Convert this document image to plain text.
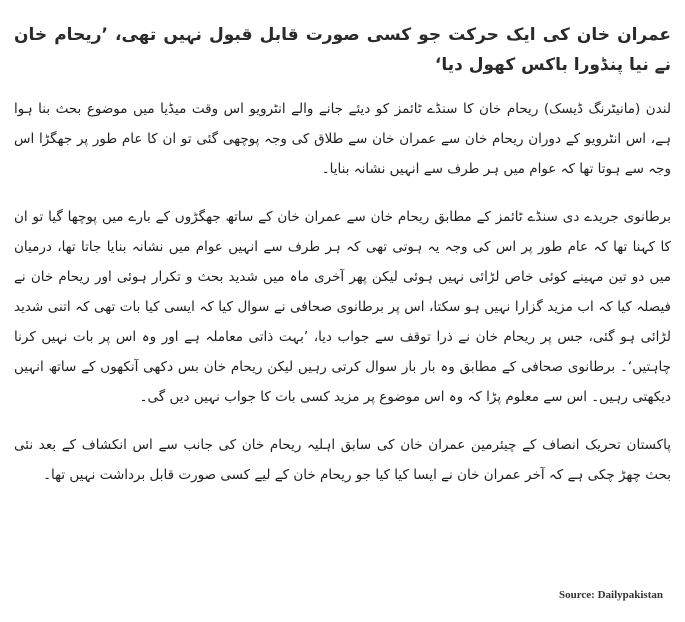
عمران خان کی ایک حرکت جو کسی صورت قابل قبول نہیں تھی، ’ریحام خان نے نیا پنڈورا باکس کھول دیا‘

لندن (مانیٹرنگ ڈیسک) ریحام خان کا سنڈے ٹائمز کو دیئے جانے والے انٹرویو اس وقت میڈیا میں موضوع بحث بنا ہوا ہے، اس انٹرویو کے دوران ریحام خان سے عمران خان سے طلاق کی وجہ پوچھی گئی تو ان کا عام طور پر جھگڑا اس وجہ سے ہوتا تھا کہ عوام میں ہر طرف سے انہیں نشانہ بنایا۔

برطانوی جریدے دی سنڈے ٹائمز کے مطابق ریحام خان سے عمران خان کے ساتھ جھگڑوں کے بارے میں پوچھا گیا تو ان کا کہنا تھا کہ عام طور پر اس کی وجہ یہ ہوتی تھی کہ ہر طرف سے انہیں عوام میں نشانہ بنایا جاتا تھا، درمیان میں دو تین مہینے کوئی خاص لڑائی نہیں ہوئی لیکن پھر آخری ماہ میں شدید بحث و تکرار ہوئی اور ریحام خان نے فیصلہ کیا کہ اب مزید گزارا نہیں ہو سکتا، اس پر برطانوی صحافی نے سوال کیا کہ ایسی کیا بات تھی کہ اتنی شدید لڑائی ہو گئی، جس پر ریحام خان نے ذرا توقف سے جواب دیا، ’بہت ذاتی معاملہ ہے اور وہ اس پر بات نہیں کرنا چاہتیں‘۔ برطانوی صحافی کے مطابق وہ بار بار سوال کرتی رہیں لیکن ریحام خان بس دکھی آنکھوں کے ساتھ انہیں دیکھتی رہیں۔ اس سے معلوم پڑا کہ وہ اس موضوع پر مزید کسی بات کا جواب نہیں دیں گی۔

پاکستان تحریک انصاف کے چیئرمین عمران خان کی سابق اہلیہ ریحام خان کی جانب سے اس انکشاف کے بعد نئی بحث چھڑ چکی ہے کہ آخر عمران خان نے ایسا کیا کیا جو ریحام خان کے لیے کسی صورت قابل برداشت نہیں تھا۔

Source: Dailypakistan
